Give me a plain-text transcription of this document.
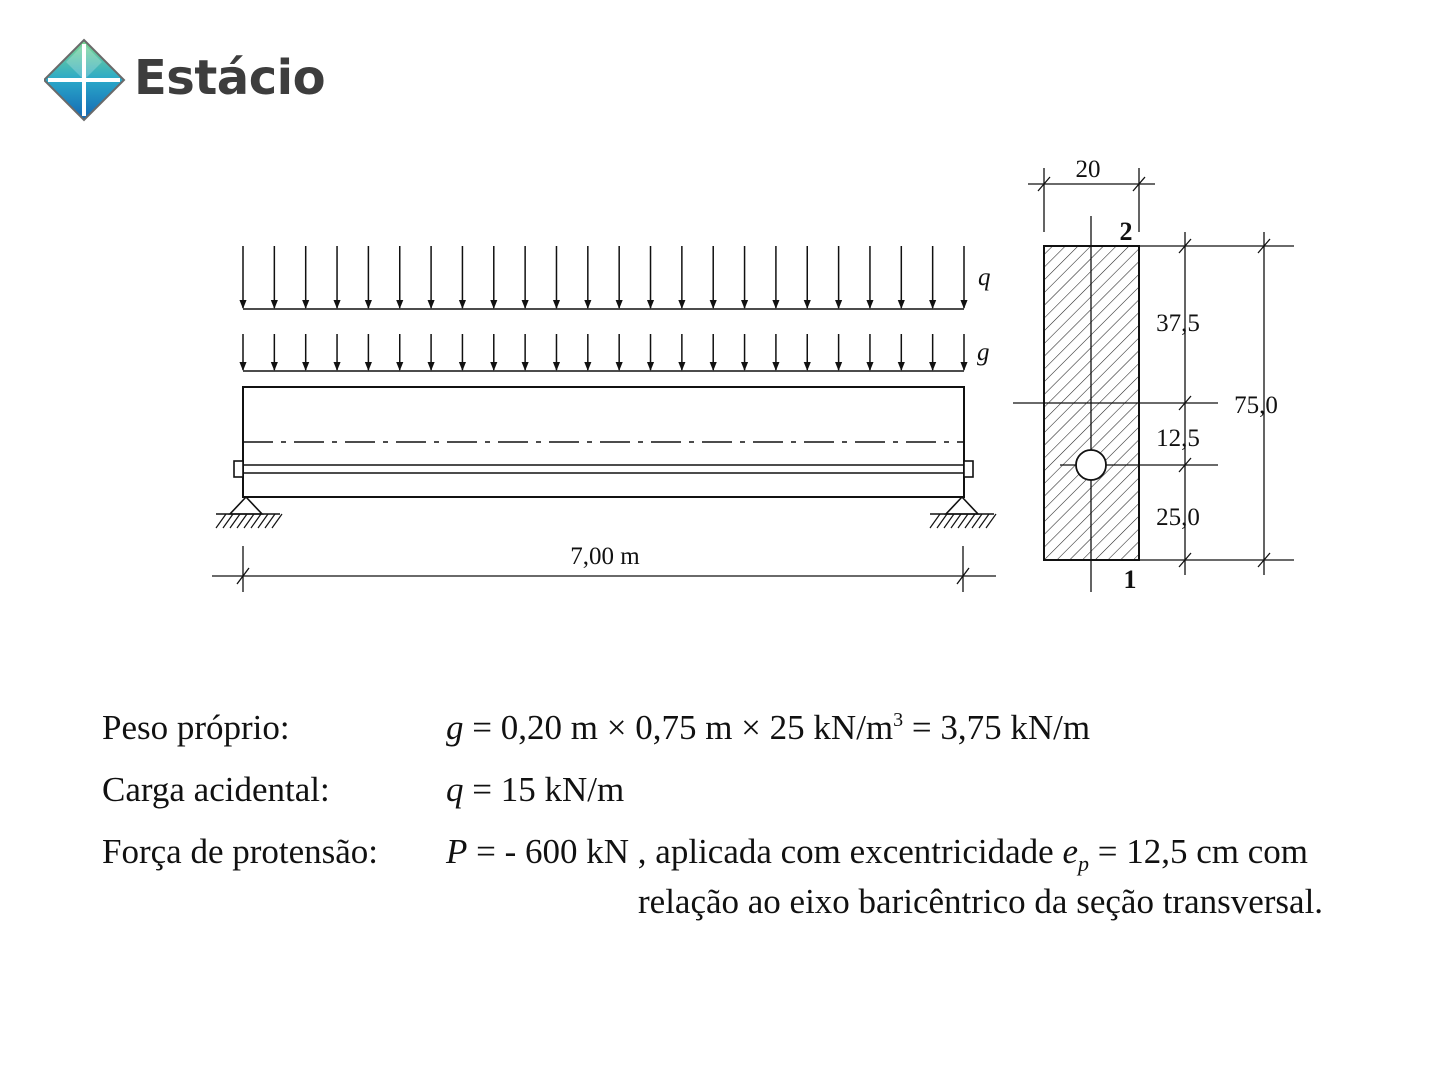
Estácio
q
g
7,00 m
20
2
1
37,5
12,5
25,0
75,0
Peso próprio:	g = 0,20 m × 0,75 m × 25 $kN/m^3 = 3,75$ kN/m
Carga acidental:	q = 15 kN/m
Força de protensão: P = - 600 kN , aplicada com excentricidade $e_p = 12,5$ cm com
relação ao eixo baricêntrico da seção transversal.
